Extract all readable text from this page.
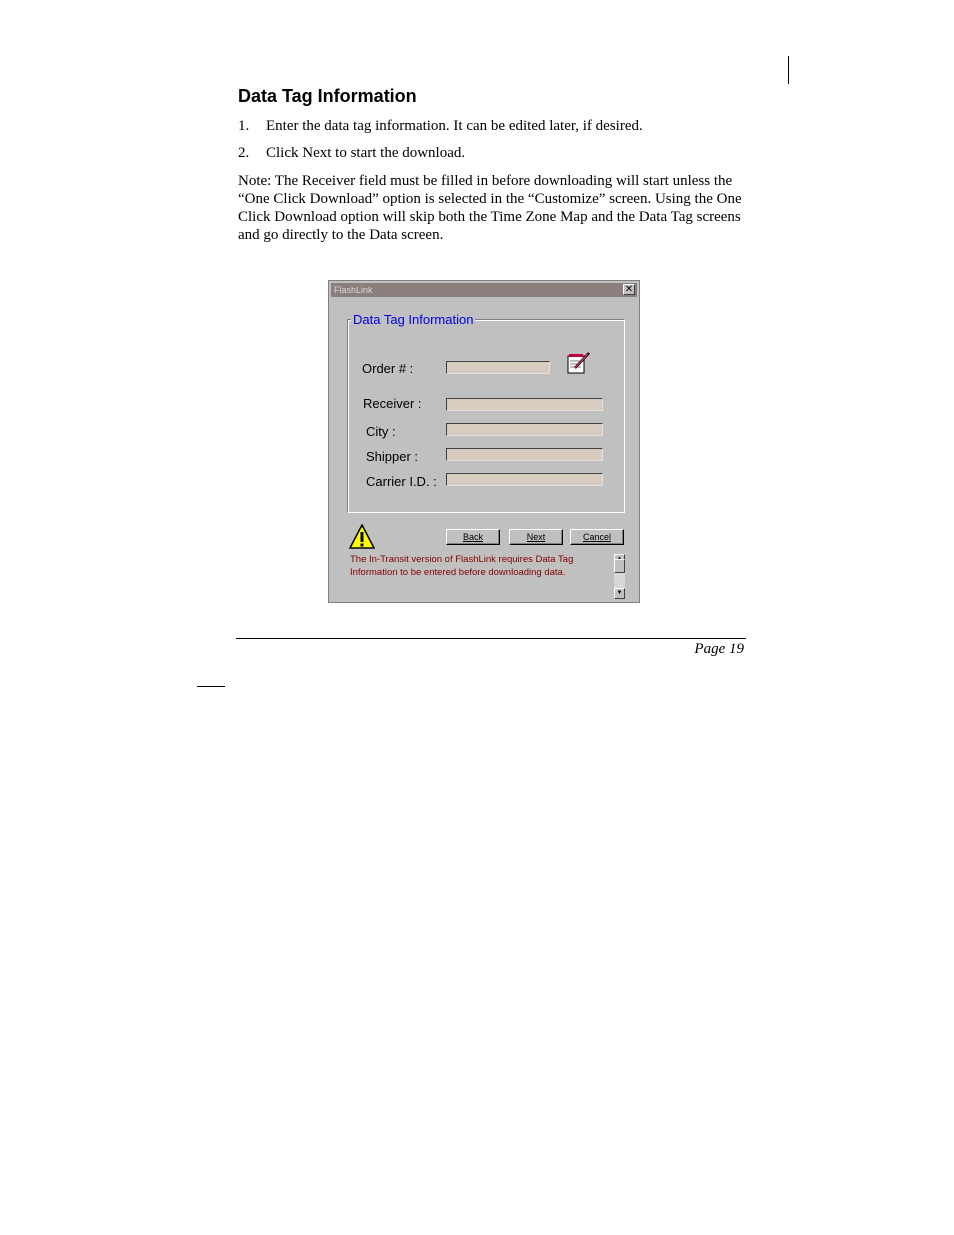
Data Tag Information
1. Enter the data tag information. It can be edited later, if desired.
2. Click Next to start the download.

Note: The Receiver field must be filled in before downloading will start unless the “One Click Download” option is selected in the “Customize” screen. Using the One Click Download option will skip both the Time Zone Map and the Data Tag screens and go directly to the Data screen.

FlashLink	✕
Data Tag Information
Order # :
Receiver :
City :
Shipper :
Carrier I.D. :
Back	Next	Cancel
The In-Transit version of FlashLink requires Data Tag Information to be entered before downloading data.
▼
Page 19
